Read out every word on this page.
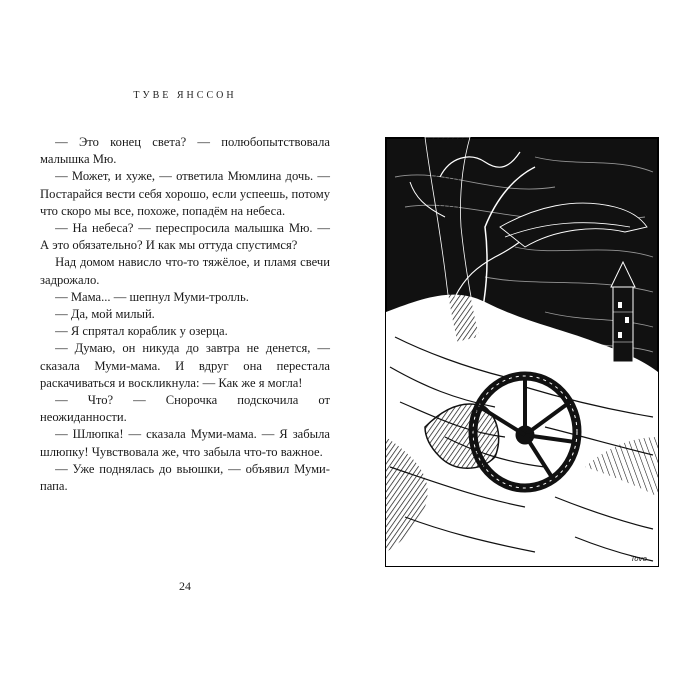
ТУВЕ ЯНССОН

— Это конец света? — полюбопытствовала малышка Мю.

— Может, и хуже, — ответила Мюмлина дочь. — Постарайся вести себя хорошо, если успеешь, потому что скоро мы все, похоже, попадём на небеса.

— На небеса? — переспросила малышка Мю. — А это обязательно? И как мы оттуда спустимся?

Над домом нависло что-то тяжёлое, и пламя свечи задрожало.

— Мама... — шепнул Муми-тролль.

— Да, мой милый.

— Я спрятал кораблик у озерца.

— Думаю, он никуда до завтра не денется, — сказала Муми-мама. И вдруг она перестала раскачиваться и воскликнула: — Как же я могла!

— Что? — Снорочка подскочила от неожиданности.

— Шлюпка! — сказала Муми-мама. — Я забыла шлюпку! Чувствовала же, что забыла что-то важное.

— Уже поднялась до вьюшки, — объявил Муми-папа.

24
Tove
